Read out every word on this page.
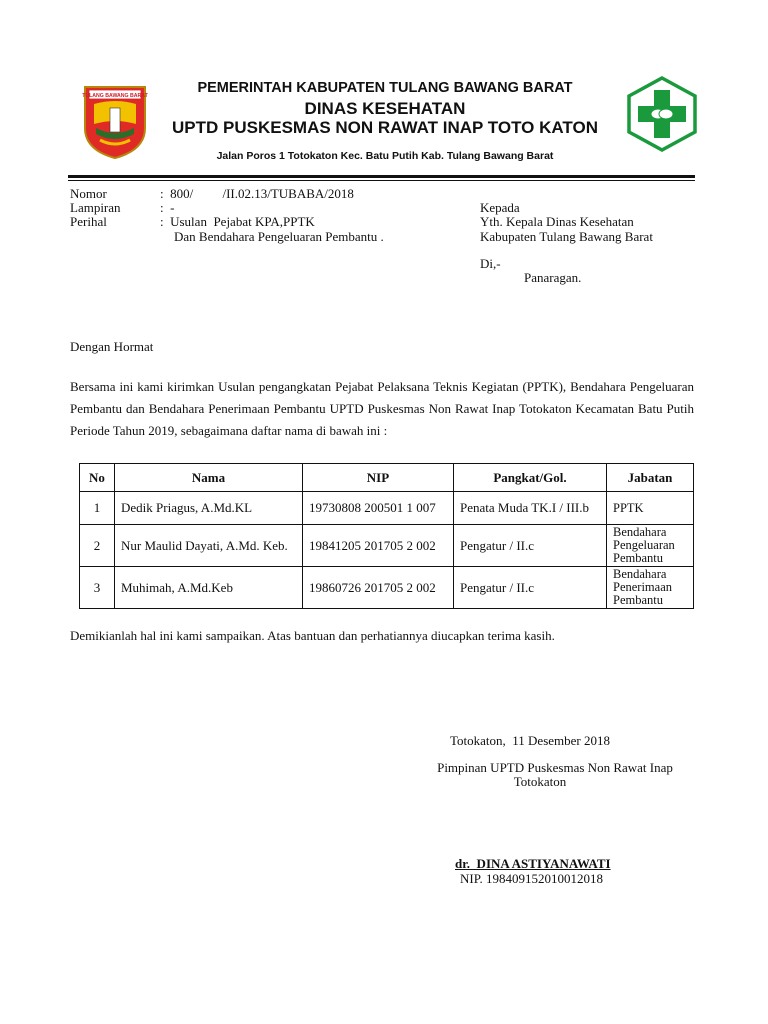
TULANG BAWANG BARAT	PEMERINTAH KABUPATEN TULANG BAWANG BARAT
DINAS KESEHATAN
UPTD PUSKESMAS NON RAWAT INAP TOTO KATON
Jalan Poros 1 Totokaton Kec. Batu Putih Kab. Tulang Bawang Barat
Nomor	:  800/         /II.02.13/TUBABA/2018
Lampiran	:  -
Perihal	:  Usulan  Pejabat KPA,PPTK
Dan Bendahara Pengeluaran Pembantu .
Kepada
Yth. Kepala Dinas Kesehatan
Kabupaten Tulang Bawang Barat
Di,-
Panaragan.
Dengan Hormat
Bersama ini kami kirimkan Usulan pengangkatan Pejabat Pelaksana Teknis Kegiatan (PPTK), Bendahara Pengeluaran Pembantu dan Bendahara Penerimaan Pembantu UPTD Puskesmas Non Rawat Inap Totokaton Kecamatan Batu Putih Periode Tahun 2019, sebagaimana daftar nama di bawah ini :
No	Nama	NIP	Pangkat/Gol.	Jabatan
1	Dedik Priagus, A.Md.KL	19730808 200501 1 007	Penata Muda TK.I / III.b	PPTK

2	Nur Maulid Dayati, A.Md. Keb.	19841205 201705 2 002	Pengatur / II.c	Bendahara
Pengeluaran
Pembantu

3	Muhimah, A.Md.Keb	19860726 201705 2 002	Pengatur / II.c	Bendahara
Penerimaan
Pembantu
Demikianlah hal ini kami sampaikan. Atas bantuan dan perhatiannya diucapkan terima kasih.
Totokaton,  11 Desember 2018
Pimpinan UPTD Puskesmas Non Rawat Inap
Totokaton
dr.  DINA ASTIYANAWATI
NIP. 198409152010012018
